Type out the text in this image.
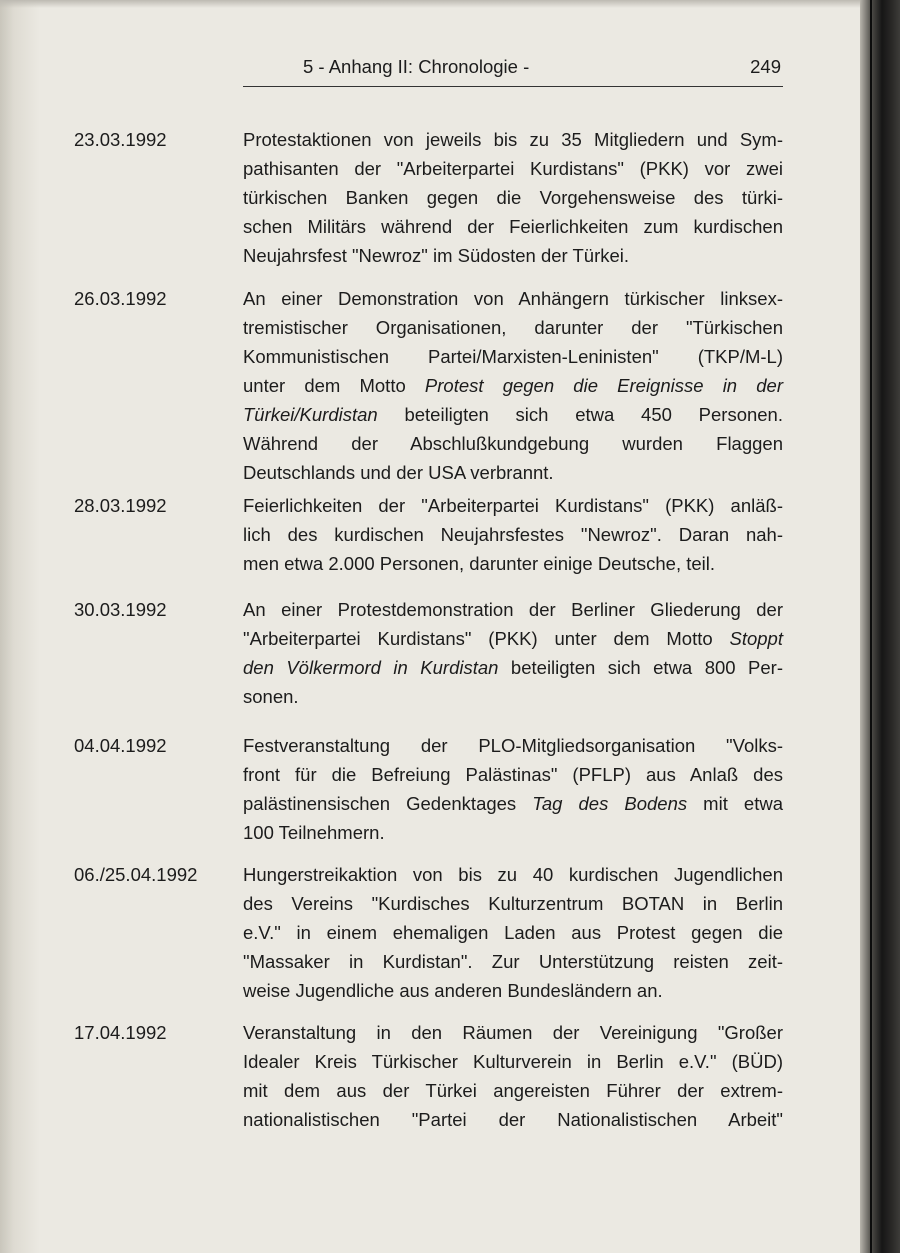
5 - Anhang II: Chronologie -	249
23.03.1992	Protestaktionen von jeweils bis zu 35 Mitgliedern und Sym-
pathisanten der "Arbeiterpartei Kurdistans" (PKK) vor zwei
türkischen Banken gegen die Vorgehensweise des türki-
schen Militärs während der Feierlichkeiten zum kurdischen
Neujahrsfest "Newroz" im Südosten der Türkei.
26.03.1992	An einer Demonstration von Anhängern türkischer linksex-
tremistischer Organisationen, darunter der "Türkischen
Kommunistischen Partei/Marxisten-Leninisten" (TKP/M-L)
unter dem Motto Protest gegen die Ereignisse in der
Türkei/Kurdistan beteiligten sich etwa 450 Personen.
Während der Abschlußkundgebung wurden Flaggen
Deutschlands und der USA verbrannt.
28.03.1992	Feierlichkeiten der "Arbeiterpartei Kurdistans" (PKK) anläß-
lich des kurdischen Neujahrsfestes "Newroz". Daran nah-
men etwa 2.000 Personen, darunter einige Deutsche, teil.
30.03.1992	An einer Protestdemonstration der Berliner Gliederung der
"Arbeiterpartei Kurdistans" (PKK) unter dem Motto Stoppt
den Völkermord in Kurdistan beteiligten sich etwa 800 Per-
sonen.
04.04.1992	Festveranstaltung der PLO-Mitgliedsorganisation "Volks-
front für die Befreiung Palästinas" (PFLP) aus Anlaß des
palästinensischen Gedenktages Tag des Bodens mit etwa
100 Teilnehmern.
06./25.04.1992	Hungerstreikaktion von bis zu 40 kurdischen Jugendlichen
des Vereins "Kurdisches Kulturzentrum BOTAN in Berlin
e.V." in einem ehemaligen Laden aus Protest gegen die
"Massaker in Kurdistan". Zur Unterstützung reisten zeit-
weise Jugendliche aus anderen Bundesländern an.
17.04.1992	Veranstaltung in den Räumen der Vereinigung "Großer
Idealer Kreis Türkischer Kulturverein in Berlin e.V." (BÜD)
mit dem aus der Türkei angereisten Führer der extrem-
nationalistischen "Partei der Nationalistischen Arbeit"
